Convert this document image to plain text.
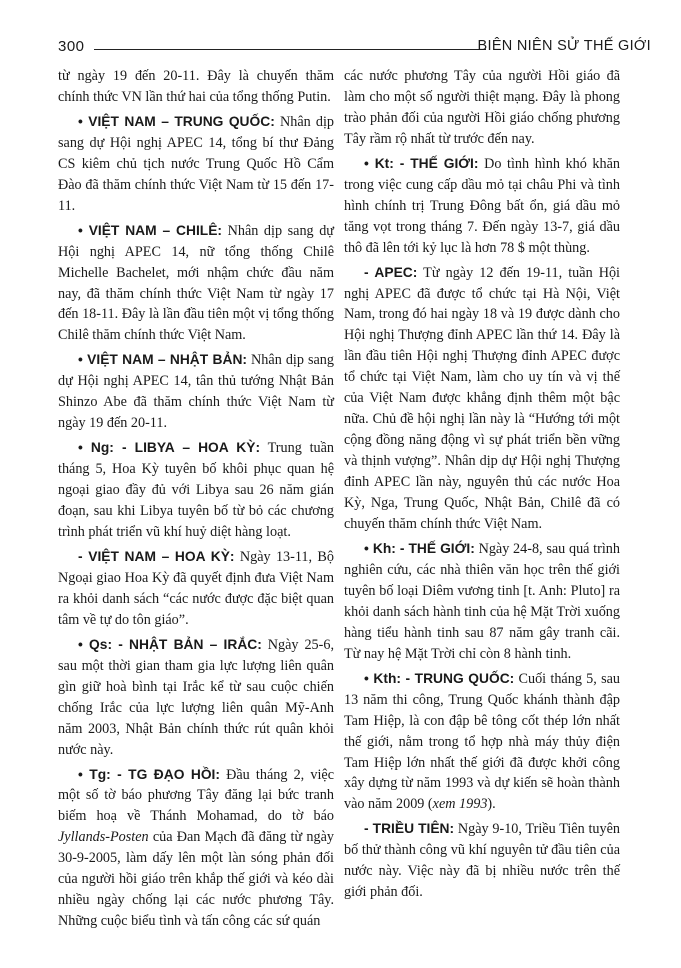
300	BIÊN NIÊN SỬ THẾ GIỚI

từ ngày 19 đến 20-11. Đây là chuyến thăm chính thức VN lần thứ hai của tổng thống Putin.

• VIỆT NAM – TRUNG QUỐC: Nhân dịp sang dự Hội nghị APEC 14, tổng bí thư Đảng CS kiêm chủ tịch nước Trung Quốc Hồ Cẩm Đào đã thăm chính thức Việt Nam từ 15 đến 17-11.

• VIỆT NAM – CHILÊ: Nhân dịp sang dự Hội nghị APEC 14, nữ tổng thống Chilê Michelle Bachelet, mới nhậm chức đầu năm nay, đã thăm chính thức Việt Nam từ ngày 17 đến 18-11. Đây là lần đầu tiên một vị tổng thống Chilê thăm chính thức Việt Nam.

• VIỆT NAM – NHẬT BẢN: Nhân dịp sang dự Hội nghị APEC 14, tân thủ tướng Nhật Bản Shinzo Abe đã thăm chính thức Việt Nam từ ngày 19 đến 20-11.

• Ng: - LIBYA – HOA KỲ: Trung tuần tháng 5, Hoa Kỳ tuyên bố khôi phục quan hệ ngoại giao đầy đủ với Libya sau 26 năm gián đoạn, sau khi Libya tuyên bố từ bỏ các chương trình phát triển vũ khí huỷ diệt hàng loạt.

- VIỆT NAM – HOA KỲ: Ngày 13-11, Bộ Ngoại giao Hoa Kỳ đã quyết định đưa Việt Nam ra khỏi danh sách “các nước được đặc biệt quan tâm về tự do tôn giáo”.

• Qs: - NHẬT BẢN – IRẮC: Ngày 25-6, sau một thời gian tham gia lực lượng liên quân gìn giữ hoà bình tại Irắc kể từ sau cuộc chiến chống Irắc của lực lượng liên quân Mỹ-Anh năm 2003, Nhật Bản chính thức rút quân khỏi nước này.

• Tg: - TG ĐẠO HỒI: Đầu tháng 2, việc một số tờ báo phương Tây đăng lại bức tranh biếm hoạ về Thánh Mohamad, do tờ báo Jyllands-Posten của Đan Mạch đã đăng từ ngày 30-9-2005, làm dấy lên một làn sóng phản đối của người hồi giáo trên khắp thế giới và kéo dài nhiều ngày chống lại các nước phương Tây. Những cuộc biểu tình và tấn công các sứ quán

các nước phương Tây của người Hồi giáo đã làm cho một số người thiệt mạng. Đây là phong trào phản đối của người Hồi giáo chống phương Tây rầm rộ nhất từ trước đến nay.

• Kt: - THẾ GIỚI: Do tình hình khó khăn trong việc cung cấp dầu mỏ tại châu Phi và tình hình chính trị Trung Đông bất ổn, giá dầu mỏ tăng vọt trong tháng 7. Đến ngày 13-7, giá dầu thô đã lên tới kỷ lục là hơn 78 $ một thùng.

- APEC: Từ ngày 12 đến 19-11, tuần Hội nghị APEC đã được tổ chức tại Hà Nội, Việt Nam, trong đó hai ngày 18 và 19 được dành cho Hội nghị Thượng đỉnh APEC lần thứ 14. Đây là lần đầu tiên Hội nghị Thượng đỉnh APEC được tổ chức tại Việt Nam, làm cho uy tín và vị thế của Việt Nam được khẳng định thêm một bậc nữa. Chủ đề hội nghị lần này là “Hướng tới một cộng đồng năng động vì sự phát triển bền vững và thịnh vượng”. Nhân dịp dự Hội nghị Thượng đỉnh APEC lần này, nguyên thủ các nước Hoa Kỳ, Nga, Trung Quốc, Nhật Bản, Chilê đã có chuyến thăm chính thức Việt Nam.

• Kh: - THẾ GIỚI: Ngày 24-8, sau quá trình nghiên cứu, các nhà thiên văn học trên thế giới tuyên bố loại Diêm vương tinh [t. Anh: Pluto] ra khỏi danh sách hành tinh của hệ Mặt Trời xuống hàng tiểu hành tinh sau 87 năm gây tranh cãi. Từ nay hệ Mặt Trời chỉ còn 8 hành tinh.

• Kth: - TRUNG QUỐC: Cuối tháng 5, sau 13 năm thi công, Trung Quốc khánh thành đập Tam Hiệp, là con đập bê tông cốt thép lớn nhất thế giới, nằm trong tổ hợp nhà máy thủy điện Tam Hiệp lớn nhất thế giới đã được khởi công xây dựng từ năm 1993 và dự kiến sẽ hoàn thành vào năm 2009 (xem 1993).

- TRIỀU TIÊN: Ngày 9-10, Triều Tiên tuyên bố thử thành công vũ khí nguyên tử đầu tiên của nước này. Việc này đã bị nhiều nước trên thế giới phản đối.
